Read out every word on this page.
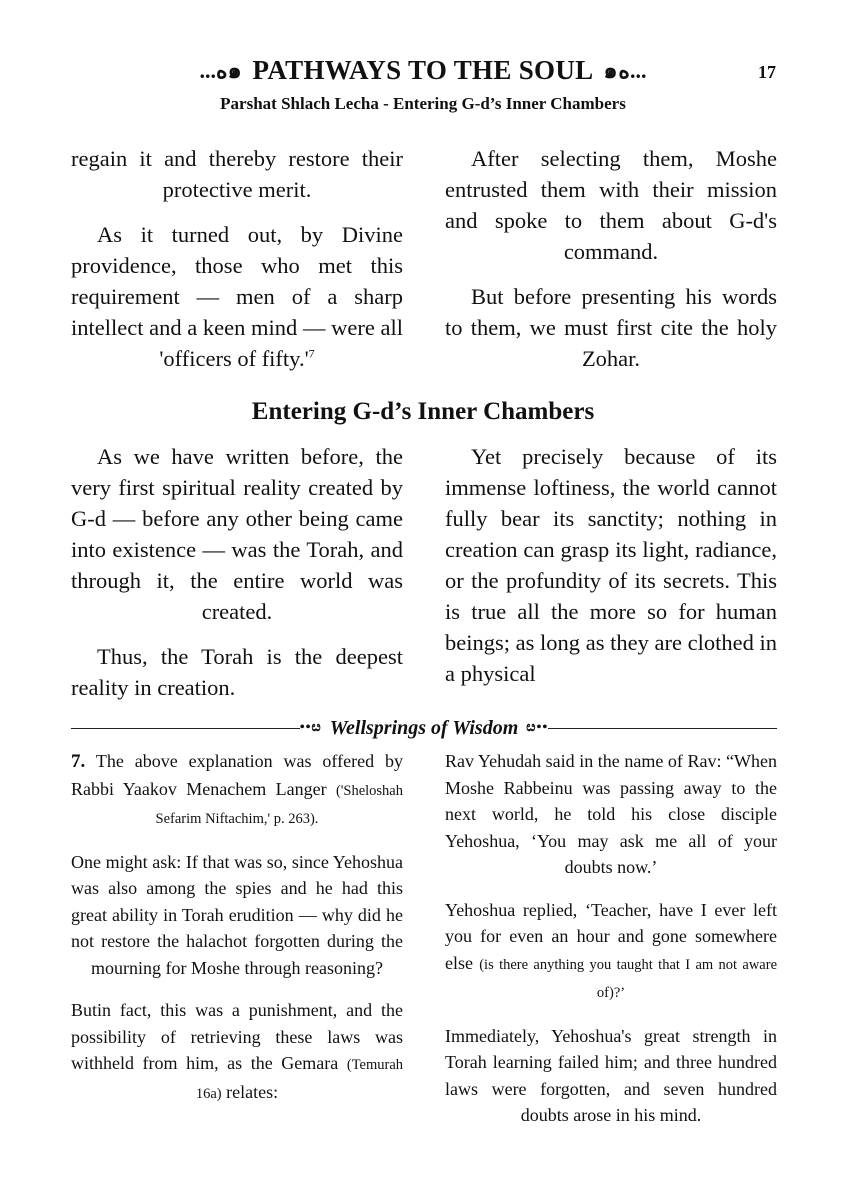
...ﻩ๑ PATHWAYS TO THE SOUL ๑ﻩ...	17
Parshat Shlach Lecha - Entering G-d’s Inner Chambers

regain it and thereby restore their protective merit.

As it turned out, by Divine providence, those who met this requirement — men of a sharp intellect and a keen mind — were all 'officers of fifty.'$^7$

After selecting them, Moshe entrusted them with their mission and spoke to them about G-d's command.

But before presenting his words to them, we must first cite the holy Zohar.

Entering G-d’s Inner Chambers

As we have written before, the very first spiritual reality created by G-d — before any other being came into existence — was the Torah, and through it, the entire world was created.

Thus, the Torah is the deepest reality in creation.

Yet precisely because of its immense loftiness, the world cannot fully bear its sanctity; nothing in creation can grasp its light, radiance, or the profundity of its secrets. This is true all the more so for human beings; as long as they are clothed in a physical

••ೞ Wellsprings of Wisdom ೞ••

7. The above explanation was offered by Rabbi Yaakov Menachem Langer ('Sheloshah Sefarim Niftachim,' p. 263).

One might ask: If that was so, since Yehoshua was also among the spies and he had this great ability in Torah erudition — why did he not restore the halachot forgotten during the mourning for Moshe through reasoning?

Butin fact, this was a punishment, and the possibility of retrieving these laws was withheld from him, as the Gemara (Temurah 16a) relates:

Rav Yehudah said in the name of Rav: “When Moshe Rabbeinu was passing away to the next world, he told his close disciple Yehoshua, ‘You may ask me all of your doubts now.’

Yehoshua replied, ‘Teacher, have I ever left you for even an hour and gone somewhere else (is there anything you taught that I am not aware of)?’

Immediately, Yehoshua's great strength in Torah learning failed him; and three hundred laws were forgotten, and seven hundred doubts arose in his mind.
